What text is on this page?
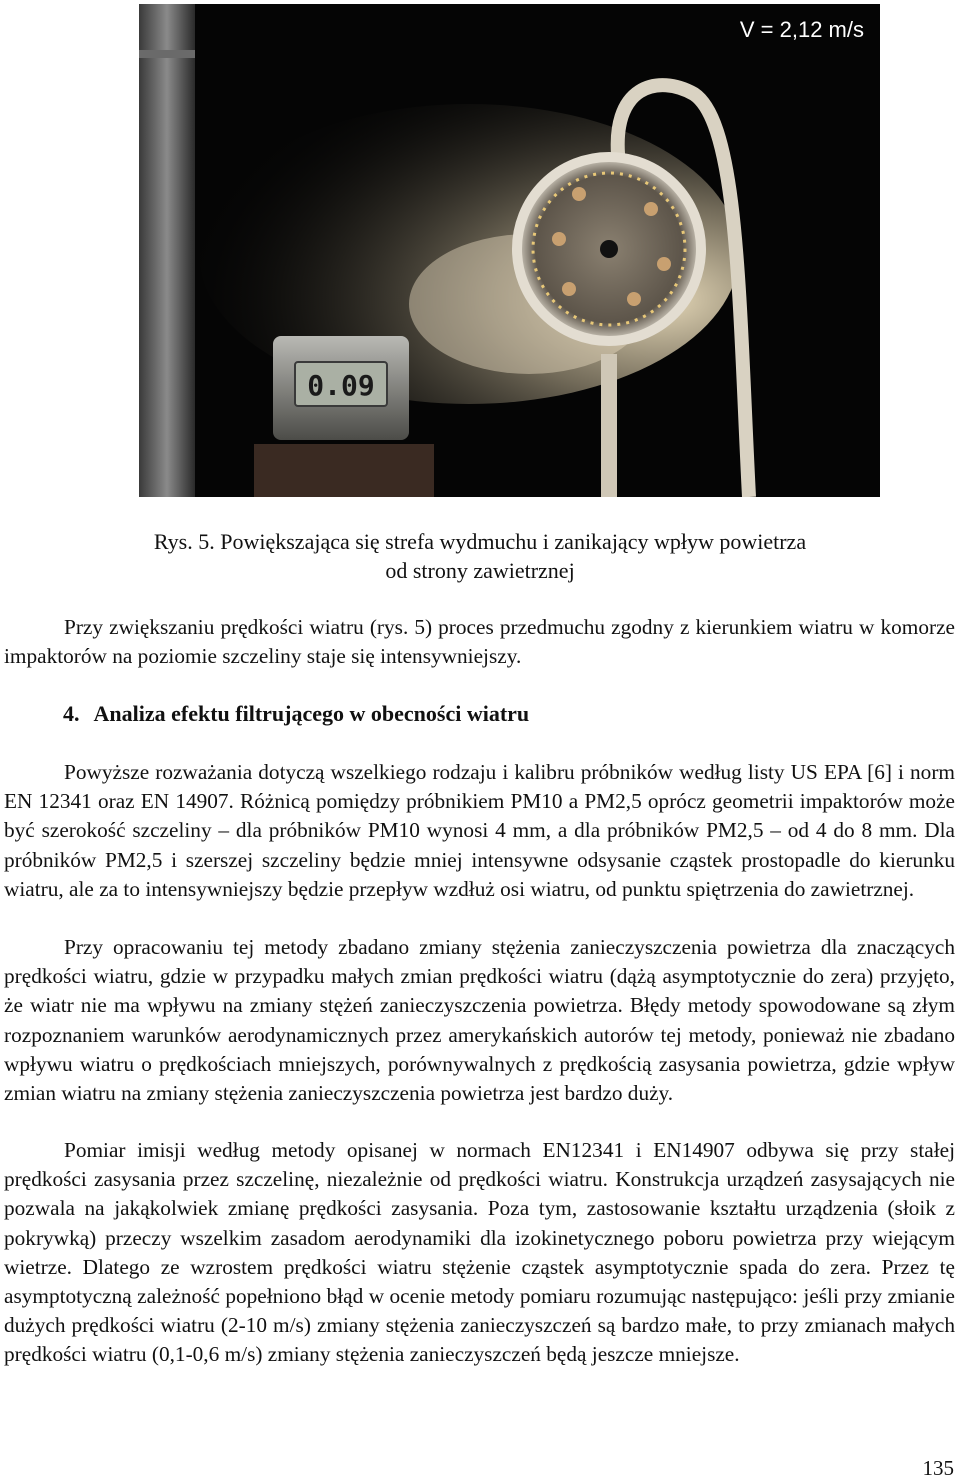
0.09
V = 2,12 m/s
Rys. 5. Powiększająca się strefa wydmuchu i zanikający wpływ powietrza
od strony zawietrznej
Przy zwiększaniu prędkości wiatru (rys. 5) proces przedmuchu zgodny z kierunkiem wiatru w komorze impaktorów na poziomie szczeliny staje się intensywniejszy.
4. Analiza efektu filtrującego w obecności wiatru
Powyższe rozważania dotyczą wszelkiego rodzaju i kalibru próbników według listy US EPA [6] i norm EN 12341 oraz EN 14907. Różnicą pomiędzy próbnikiem PM10 a PM2,5 oprócz geometrii impaktorów może być szerokość szczeliny – dla próbników PM10 wynosi 4 mm, a dla próbników PM2,5 – od 4 do 8 mm. Dla próbników PM2,5 i szerszej szczeliny będzie mniej intensywne odsysanie cząstek prostopadle do kierunku wiatru, ale za to intensywniejszy będzie przepływ wzdłuż osi wiatru, od punktu spiętrzenia do zawietrznej.
Przy opracowaniu tej metody zbadano zmiany stężenia zanieczyszczenia powietrza dla znaczących prędkości wiatru, gdzie w przypadku małych zmian prędkości wiatru (dążą asymptotycznie do zera) przyjęto, że wiatr nie ma wpływu na zmiany stężeń zanieczyszczenia powietrza. Błędy metody spowodowane są złym rozpoznaniem warunków aerodynamicznych przez amerykańskich autorów tej metody, ponieważ nie zbadano wpływu wiatru o prędkościach mniejszych, porównywalnych z prędkością zasysania powietrza, gdzie wpływ zmian wiatru na zmiany stężenia zanieczyszczenia powietrza jest bardzo duży.
Pomiar imisji według metody opisanej w normach EN12341 i EN14907 odbywa się przy stałej prędkości zasysania przez szczelinę, niezależnie od prędkości wiatru. Konstrukcja urządzeń zasysających nie pozwala na jakąkolwiek zmianę prędkości zasysania. Poza tym, zastosowanie kształtu urządzenia (słoik z pokrywką) przeczy wszelkim zasadom aerodynamiki dla izokinetycznego poboru powietrza przy wiejącym wietrze. Dlatego ze wzrostem prędkości wiatru stężenie cząstek asymptotycznie spada do zera. Przez tę asymptotyczną zależność popełniono błąd w ocenie metody pomiaru rozumując następująco: jeśli przy zmianie dużych prędkości wiatru (2-10 m/s) zmiany stężenia zanieczyszczeń są bardzo małe, to przy zmianach małych prędkości wiatru (0,1-0,6 m/s) zmiany stężenia zanieczyszczeń będą jeszcze mniejsze.
135
